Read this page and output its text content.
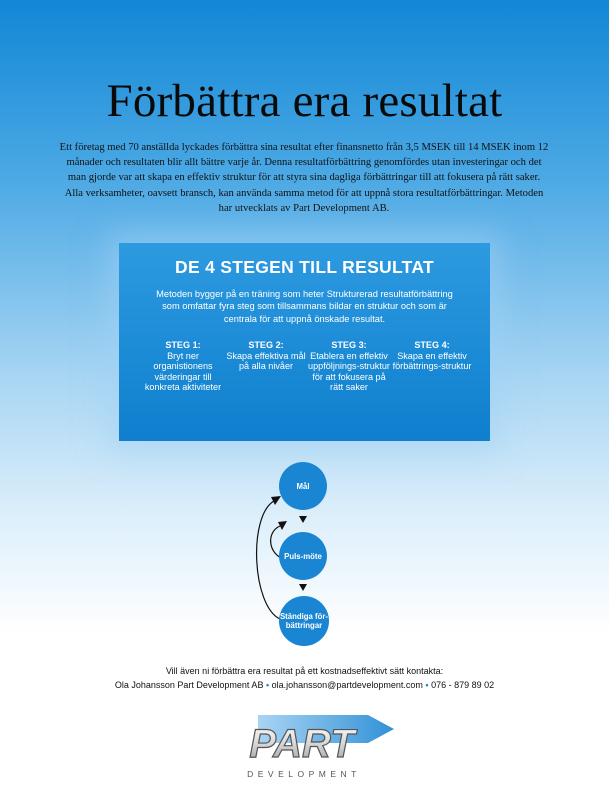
Förbättra era resultat
Ett företag med 70 anställda lyckades förbättra sina resultat efter finansnetto från 3,5 MSEK till 14 MSEK inom 12 månader och resultaten blir allt bättre varje år. Denna resultatförbättring genomfördes utan investeringar och det man gjorde var att skapa en effektiv struktur för att styra sina dagliga förbättringar till att fokusera på rätt saker. Alla verksamheter, oavsett bransch, kan använda samma metod för att uppnå stora resultatförbättringar. Metoden har utvecklats av Part Development AB.
DE 4 STEGEN TILL RESULTAT
Metoden bygger på en träning som heter Strukturerad resultatförbättring som omfattar fyra steg som tillsammans bildar en struktur och som är centrala för att uppnå önskade resultat.
STEG 1:
Bryt ner organistionens värderingar till konkreta aktiviteter
STEG 2:
Skapa effektiva mål på alla nivåer
STEG 3:
Etablera en effektiv uppföljnings-struktur för att fokusera på rätt saker
STEG 4:
Skapa en effektiv förbättrings-struktur
Mål
Puls-möte
Ständiga för-bättringar
Vill även ni förbättra era resultat på ett kostnadseffektivt sätt kontakta:
Ola Johansson Part Development AB • ola.johansson@partdevelopment.com • 076 - 879 89 02
PART
DEVELOPMENT
